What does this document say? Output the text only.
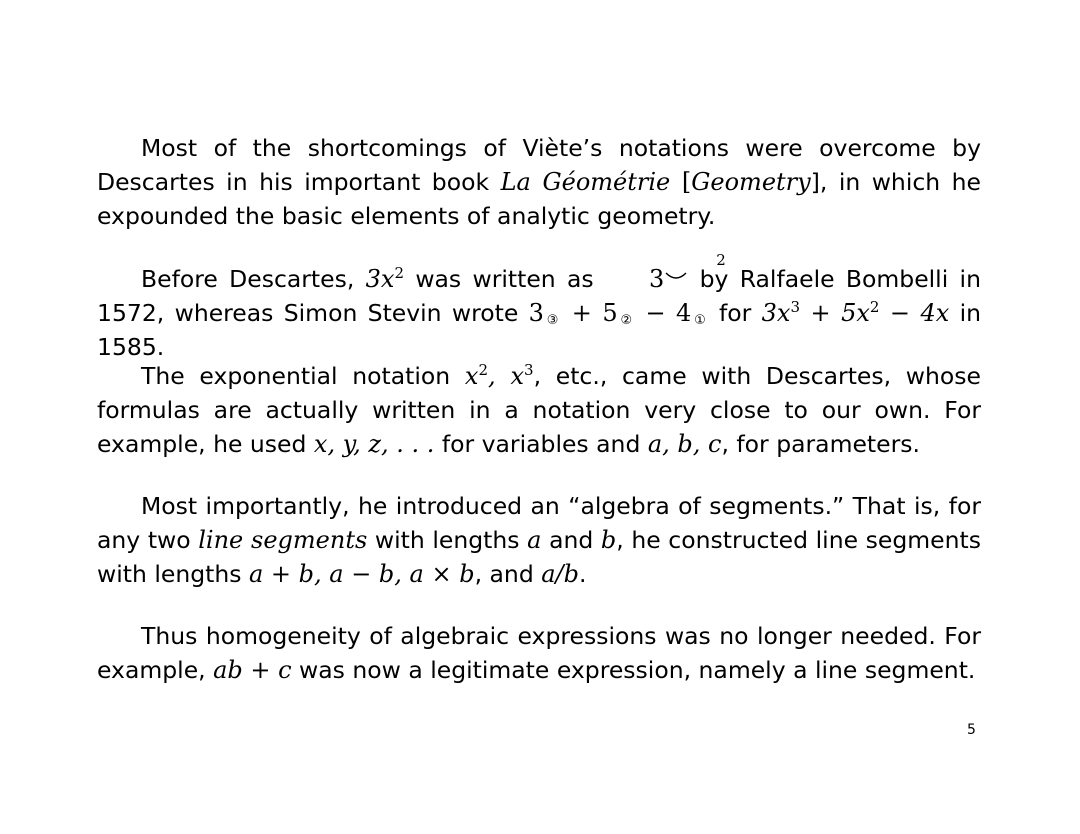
Most of the shortcomings of Viète’s notations were overcome by Descartes in his important book La Géométrie [Geometry], in which he expounded the basic elements of analytic geometry.

Before Descartes, $3x^2$ was written as 3
2
by Ralfaele Bombelli in 1572, whereas Simon Stevin wrote 3③ + 5② − 4① for $3x^3 + 5x^2 - 4x$ in 1585.

The exponential notation $x^2$, $x^3$, etc., came with Descartes, whose formulas are actually written in a notation very close to our own. For example, he used x, y, z, . . . for variables and a, b, c, for parameters.

Most importantly, he introduced an “algebra of segments.” That is, for any two line segments with lengths a and b, he constructed line segments with lengths a + b, a − b, a × b, and a/b.

Thus homogeneity of algebraic expressions was no longer needed. For example, ab + c was now a legitimate expression, namely a line segment.

5
